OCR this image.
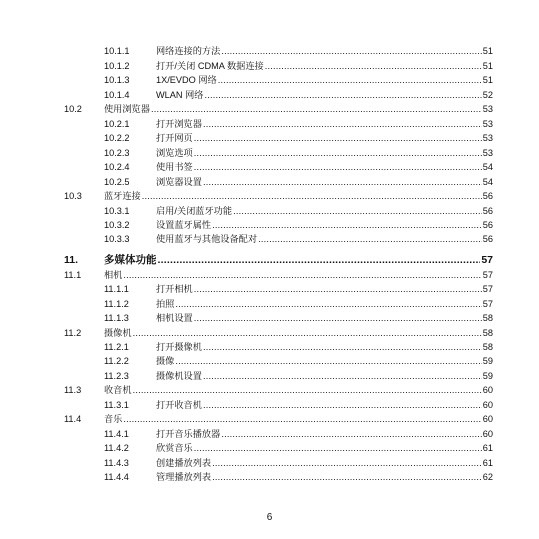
10.1.1	网络连接的方法 .....	51
10.1.2	打开/关闭 CDMA 数据连接 .....	51
10.1.3	1X/EVDO 网络 .....	51
10.1.4	WLAN 网络 .....	52
10.2	使用浏览器 .....	53
10.2.1	打开浏览器 .....	53
10.2.2	打开网页 .....	53
10.2.3	浏览选项 .....	53
10.2.4	使用书签 .....	54
10.2.5	浏览器设置 .....	54
10.3	蓝牙连接 .....	56
10.3.1	启用/关闭蓝牙功能 .....	56
10.3.2	设置蓝牙属性 .....	56
10.3.3	使用蓝牙与其他设备配对 .....	56
11.	多媒体功能 .....	57
11.1	相机 .....	57
11.1.1	打开相机 .....	57
11.1.2	拍照 .....	57
11.1.3	相机设置 .....	58
11.2	摄像机 .....	58
11.2.1	打开摄像机 .....	58
11.2.2	摄像 .....	59
11.2.3	摄像机设置 .....	59
11.3	收音机 .....	60
11.3.1	打开收音机 .....	60
11.4	音乐 .....	60
11.4.1	打开音乐播放器 .....	60
11.4.2	欣赏音乐 .....	61
11.4.3	创建播放列表 .....	61
11.4.4	管理播放列表 .....	62
6
